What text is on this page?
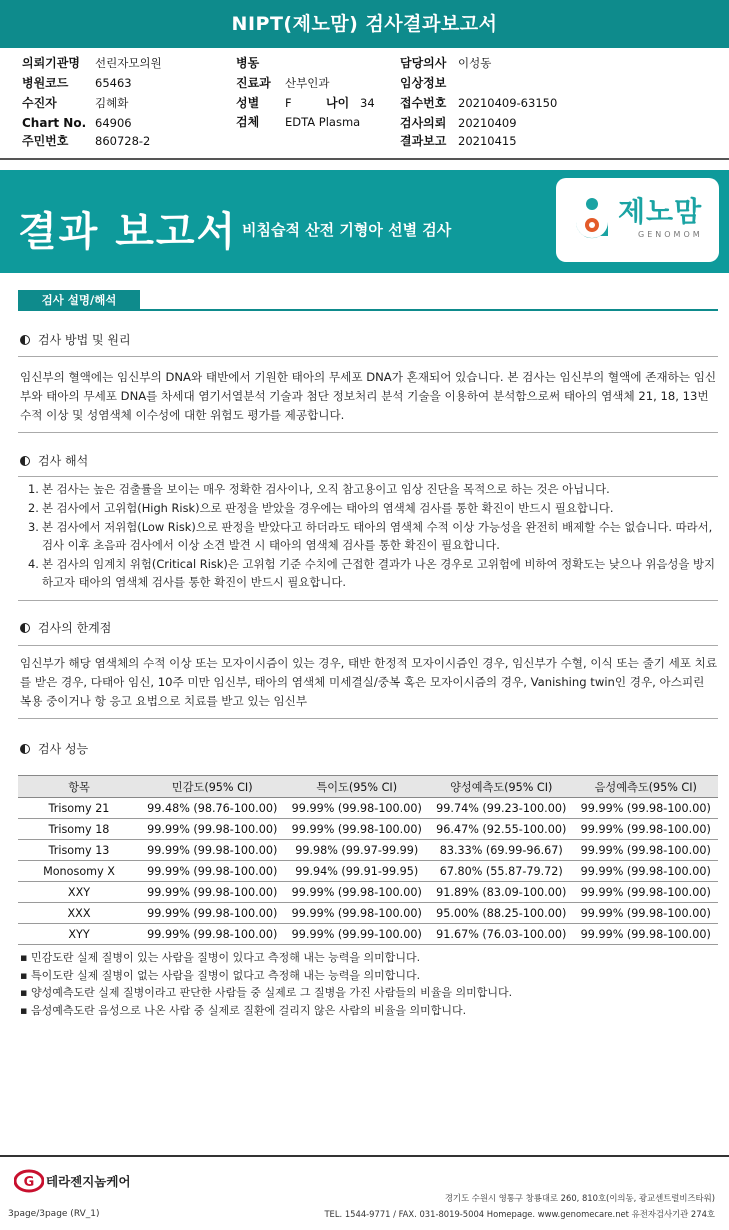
NIPT(제노맘) 검사결과보고서
의뢰기관명 선린자모의원
병원코드 65463
수진자	김혜화
Chart No. 64906
주민번호 860728-2
병동
진료과 산부인과
성별 F	나이 34
검체 EDTA Plasma
담당의사 이성동
임상정보
접수번호 20210409-63150
검사의뢰 20210409
결과보고 20210415
결과 보고서 비침습적 산전 기형아 선별 검사
제노맘
GENOMOM
검사 설명/해석
검사 방법 및 원리
임신부의 혈액에는 임신부의 DNA와 태반에서 기원한 태아의 무세포 DNA가 혼재되어 있습니다. 본 검사는 임신부의 혈액에 존재하는 임신부와 태아의 무세포 DNA를 차세대 염기서열분석 기술과 첨단 정보처리 분석 기술을 이용하여 분석함으로써 태아의 염색체 21, 18, 13번 수적 이상 및 성염색체 이수성에 대한 위험도 평가를 제공합니다.
검사 해석
1. 본 검사는 높은 검출률을 보이는 매우 정확한 검사이나, 오직 참고용이고 임상 진단을 목적으로 하는 것은 아닙니다.
2. 본 검사에서 고위험(High Risk)으로 판정을 받았을 경우에는 태아의 염색체 검사를 통한 확진이 반드시 필요합니다.
3. 본 검사에서 저위험(Low Risk)으로 판정을 받았다고 하더라도 태아의 염색체 수적 이상 가능성을 완전히 배제할 수는 없습니다. 따라서, 검사 이후 초음파 검사에서 이상 소견 발견 시 태아의 염색체 검사를 통한 확진이 필요합니다.
4. 본 검사의 임계치 위험(Critical Risk)은 고위험 기준 수치에 근접한 결과가 나온 경우로 고위험에 비하여 정확도는 낮으나 위음성을 방지하고자 태아의 염색체 검사를 통한 확진이 반드시 필요합니다.
검사의 한계점
임신부가 해당 염색체의 수적 이상 또는 모자이시즘이 있는 경우, 태반 한정적 모자이시즘인 경우, 임신부가 수혈, 이식 또는 줄기 세포 치료를 받은 경우, 다태아 임신, 10주 미만 임신부, 태아의 염색체 미세결실/중복 혹은 모자이시즘의 경우, Vanishing twin인 경우, 아스피린 복용 중이거나 항 응고 요법으로 치료를 받고 있는 임신부
검사 성능
항목	민감도(95% CI)	특이도(95% CI)	양성예측도(95% CI)	음성예측도(95% CI)
Trisomy 21	99.48% (98.76-100.00)	99.99% (99.98-100.00)	99.74% (99.23-100.00)	99.99% (99.98-100.00)
Trisomy 18	99.99% (99.98-100.00)	99.99% (99.98-100.00)	96.47% (92.55-100.00)	99.99% (99.98-100.00)
Trisomy 13	99.99% (99.98-100.00)	99.98% (99.97-99.99)	83.33% (69.99-96.67)	99.99% (99.98-100.00)
Monosomy X	99.99% (99.98-100.00)	99.94% (99.91-99.95)	67.80% (55.87-79.72)	99.99% (99.98-100.00)
XXY	99.99% (99.98-100.00)	99.99% (99.98-100.00)	91.89% (83.09-100.00)	99.99% (99.98-100.00)
XXX	99.99% (99.98-100.00)	99.99% (99.98-100.00)	95.00% (88.25-100.00)	99.99% (99.98-100.00)
XYY	99.99% (99.98-100.00)	99.99% (99.99-100.00)	91.67% (76.03-100.00)	99.99% (99.98-100.00)
▪ 민감도란 실제 질병이 있는 사람을 질병이 있다고 측정해 내는 능력을 의미합니다.
▪ 특이도란 실제 질병이 없는 사람을 질병이 없다고 측정해 내는 능력을 의미합니다.
▪ 양성예측도란 실제 질병이라고 판단한 사람들 중 실제로 그 질병을 가진 사람들의 비율을 의미합니다.
▪ 음성예측도란 음성으로 나온 사람 중 실제로 질환에 걸리지 않은 사람의 비율을 의미합니다.
G 테라젠지놈케어
경기도 수원시 영통구 창룡대로 260, 810호(이의동, 광교센트럴비즈타워)
TEL. 1544-9771 / FAX. 031-8019-5004 Homepage. www.genomecare.net 유전자검사기관 274호
3page/3page (RV_1)
